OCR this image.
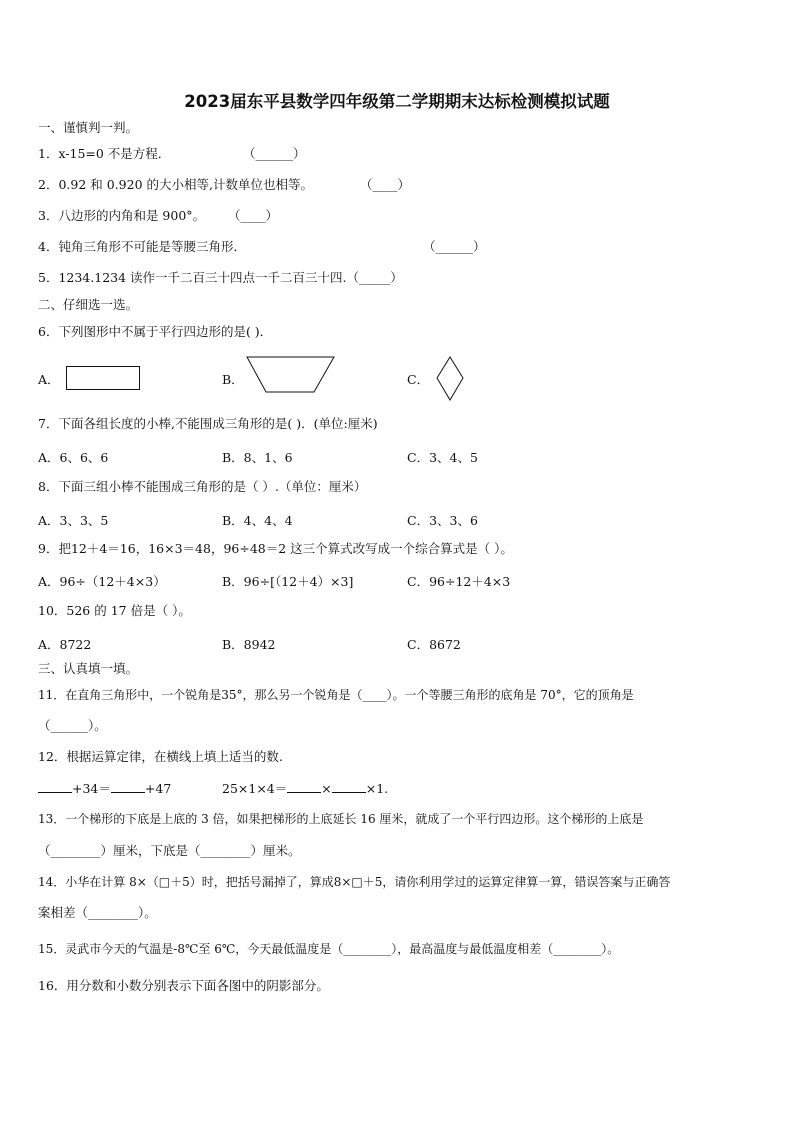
2023届东平县数学四年级第二学期期末达标检测模拟试题
一、谨慎判一判。
1．x-15=0 不是方程．	（______）
2．0.92 和 0.920 的大小相等,计数单位也相等。	（____）
3．八边形的内角和是 900°。 （____）
4．钝角三角形不可能是等腰三角形．	（______）
5．1234.1234 读作一千二百三十四点一千二百三十四.（_____）
二、仔细选一选。
6．下列图形中不属于平行四边形的是( )．
A．	B．	C．
7．下面各组长度的小棒,不能围成三角形的是( )．(单位:厘米)
A．6、6、6	B．8、1、6	C．3、4、5
8．下面三组小棒不能围成三角形的是（ ）.（单位：厘米）
A．3、3、5	B．4、4、4	C．3、3、6
9．把12＋4＝16，16×3＝48，96÷48＝2 这三个算式改写成一个综合算式是（ ）。
A．96÷（12＋4×3）	B．96÷[（12＋4）×3]	C．96÷12＋4×3
10．526 的 17 倍是（ ）。
A．8722	B．8942	C．8672
三、认真填一填。
11．在直角三角形中，一个锐角是35°，那么另一个锐角是（____）。一个等腰三角形的底角是 70°，它的顶角是
（______）。
12．根据运算定律，在横线上填上适当的数.
+34＝	+47	25×1×4＝	×	×1.
13．一个梯形的下底是上底的 3 倍，如果把梯形的上底延长 16 厘米，就成了一个平行四边形。这个梯形的上底是
（________）厘米，下底是（________）厘米。
14．小华在计算 8×（□＋5）时，把括号漏掉了，算成8×□＋5，请你利用学过的运算定律算一算，错误答案与正确答
案相差（________）。
15．灵武市今天的气温是-8℃至 6℃，今天最低温度是（________），最高温度与最低温度相差（________）。
16．用分数和小数分别表示下面各图中的阴影部分。
